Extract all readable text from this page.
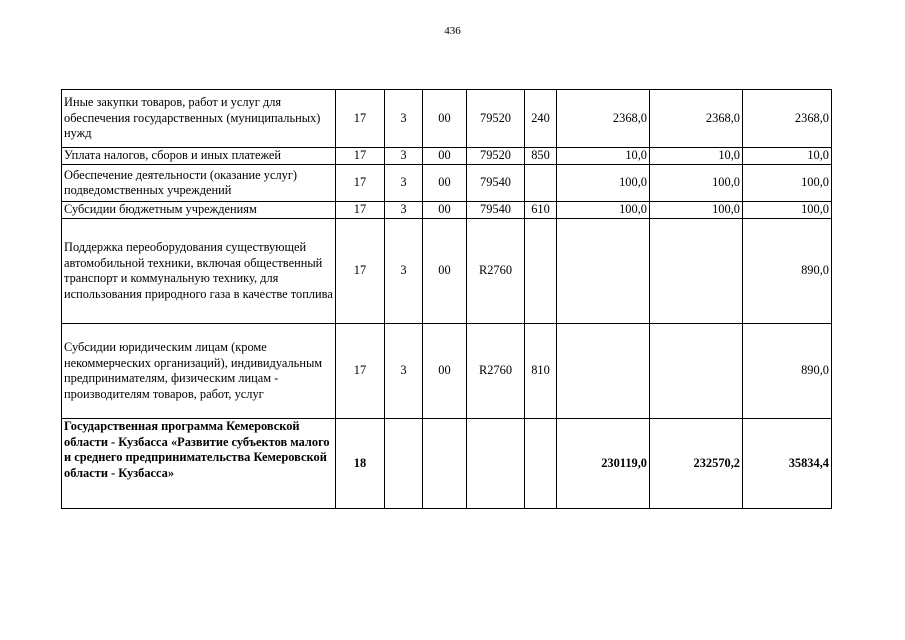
436
Иные закупки товаров, работ и услуг для обеспечения государственных (муниципальных) нужд	17	3	00	79520	240	2368,0	2368,0	2368,0
Уплата налогов, сборов и иных платежей	17	3	00	79520	850	10,0	10,0	10,0
Обеспечение деятельности (оказание услуг) подведомственных учреждений	17	3	00	79540		100,0	100,0	100,0
Субсидии бюджетным учреждениям	17	3	00	79540	610	100,0	100,0	100,0
Поддержка переоборудования существующей автомобильной техники, включая общественный транспорт и коммунальную технику, для использования природного газа в качестве топлива	17	3	00	R2760				890,0
Субсидии юридическим лицам (кроме некоммерческих организаций), индивидуальным предпринимателям, физическим лицам - производителям товаров, работ, услуг	17	3	00	R2760	810			890,0
Государственная программа Кемеровской области - Кузбасса «Развитие субъектов малого и среднего предпринимательства Кемеровской области - Кузбасса»	18					230119,0	232570,2	35834,4
